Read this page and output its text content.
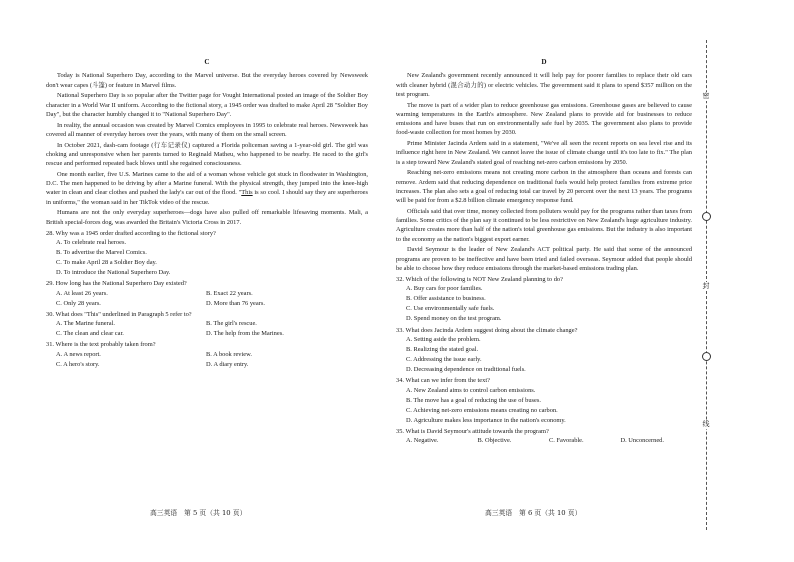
C

Today is National Superhero Day, according to the Marvel universe. But the everyday heroes covered by Newsweek don't wear capes (斗篷) or feature in Marvel films.

National Superhero Day is so popular after the Twitter page for Vought International posted an image of the Soldier Boy character in a World War II uniform. According to the fictional story, a 1945 order was drafted to make April 28 "Soldier Boy Day", but the character humbly changed it to "National Superhero Day".

In reality, the annual occasion was created by Marvel Comics employees in 1995 to celebrate real heroes. Newsweek has covered all manner of everyday heroes over the years, with many of them on the small screen.

In October 2021, dash-cam footage (行车记录仪) captured a Florida policeman saving a 1-year-old girl. The girl was choking and unresponsive when her parents turned to Reginald Matheu, who happened to be nearby. He raced to the girl's rescue and performed repeated back blows until she regained consciousness.

One month earlier, five U.S. Marines came to the aid of a woman whose vehicle got stuck in floodwater in Washington, D.C. The men happened to be driving by after a Marine funeral. With the physical strength, they jumped into the knee-high water in clean and clear clothes and pushed the lady's car out of the flood. "This is so cool. I should say they are superheroes in uniforms," the woman said in her TikTok video of the rescue.

Humans are not the only everyday superheroes—dogs have also pulled off remarkable lifesaving moments. Mali, a British special-forces dog, was awarded the Britain's Victoria Cross in 2017.

28. Why was a 1945 order drafted according to the fictional story?
A. To celebrate real heroes.
B. To advertise the Marvel Comics.
C. To make April 28 a Soldier Boy day.
D. To introduce the National Superhero Day.
29. How long has the National Superhero Day existed?
A. At least 26 years.	B. Exact 22 years.
C. Only 28 years.	D. More than 76 years.
30. What does "This" underlined in Paragraph 5 refer to?
A. The Marine funeral.	B. The girl's rescue.
C. The clean and clear car.	D. The help from the Marines.
31. Where is the text probably taken from?
A. A news report.	B. A book review.
C. A hero's story.	D. A diary entry.
D

New Zealand's government recently announced it will help pay for poorer families to replace their old cars with cleaner hybrid (混合动力的) or electric vehicles. The government said it plans to spend $357 million on the test program.

The move is part of a wider plan to reduce greenhouse gas emissions. Greenhouse gases are believed to cause warming temperatures in the Earth's atmosphere. New Zealand plans to provide aid for businesses to reduce emissions and have buses that run on environmentally safe fuel by 2035. The government also plans to provide food-waste collection for most homes by 2030.

Prime Minister Jacinda Ardem said in a statement, "We've all seen the recent reports on sea level rise and its influence right here in New Zealand. We cannot leave the issue of climate change until it's too late to fix." The plan is a step toward New Zealand's stated goal of reaching net-zero carbon emissions by 2050.

Reaching net-zero emissions means not creating more carbon in the atmosphere than oceans and forests can remove. Ardem said that reducing dependence on traditional fuels would help protect families from extreme price increases. The plan also sets a goal of reducing total car travel by 20 percent over the next 13 years. The programs will be paid for from a $2.8 billion climate emergency response fund.

Officials said that over time, money collected from polluters would pay for the programs rather than taxes from families. Some critics of the plan say it continued to be less restrictive on New Zealand's huge agriculture industry. Agriculture creates more than half of the nation's total greenhouse gas emissions. But the industry is also important to the economy as the nation's biggest export earner.

David Seymour is the leader of New Zealand's ACT political party. He said that some of the announced programs are proven to be ineffective and have been tried and failed overseas. Seymour added that people should be able to choose how they reduce emissions through the market-based emissions trading plan.

32. Which of the following is NOT New Zealand planning to do?
A. Buy cars for poor families.
B. Offer assistance to business.
C. Use environmentally safe fuels.
D. Spend money on the test program.
33. What does Jacinda Ardem suggest doing about the climate change?
A. Setting aside the problem.
B. Realizing the stated goal.
C. Addressing the issue early.
D. Decreasing dependence on traditional fuels.
34. What can we infer from the text?
A. New Zealand aims to control carbon emissions.
B. The move has a goal of reducing the use of buses.
C. Achieving net-zero emissions means creating no carbon.
D. Agriculture makes less importance in the nation's economy.
35. What is David Seymour's attitude towards the program?
A. Negative.	B. Objective.	C. Favorable.	D. Unconcerned.
高三英语　第 5 页（共 10 页）	高三英语　第 6 页（共 10 页）
密
封
线
